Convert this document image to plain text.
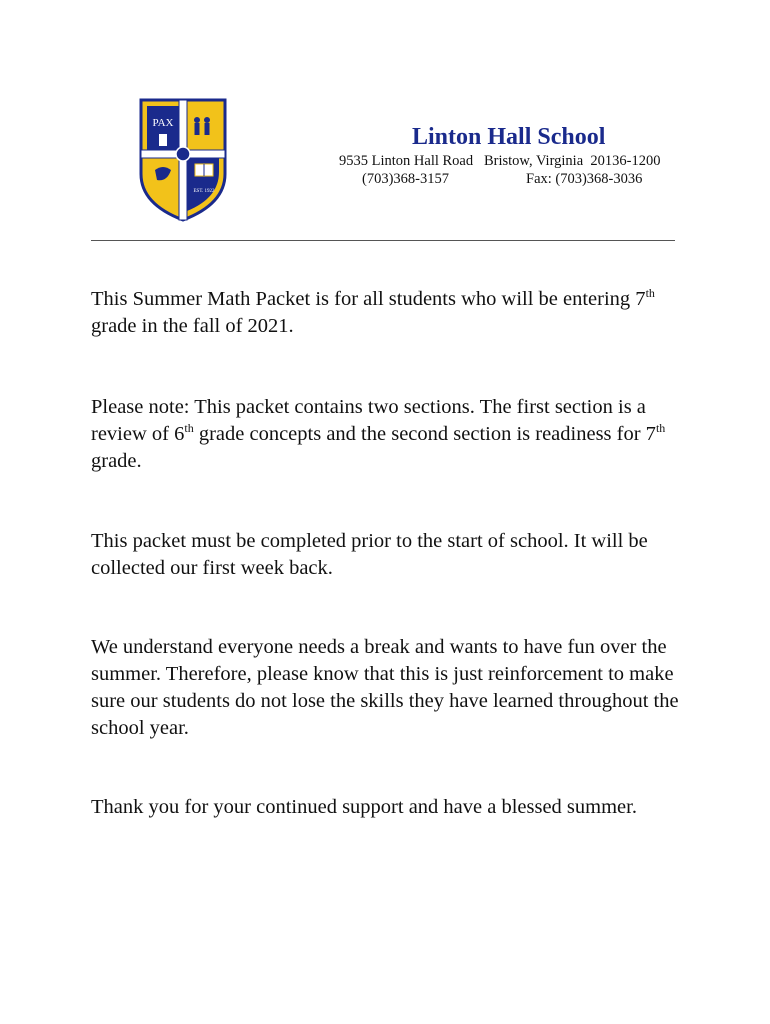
PAX
EST. 1922
Linton Hall School
9535 Linton Hall Road   Bristow, Virginia  20136-1200
(703)368-3157	Fax: (703)368-3036
This Summer Math Packet is for all students who will be entering 7th grade in the fall of 2021.
Please note: This packet contains two sections. The first section is a review of 6th grade concepts and the second section is readiness for 7th grade.
This packet must be completed prior to the start of school. It will be collected our first week back.
We understand everyone needs a break and wants to have fun over the summer. Therefore, please know that this is just reinforcement to make sure our students do not lose the skills they have learned throughout the school year.
Thank you for your continued support and have a blessed summer.
